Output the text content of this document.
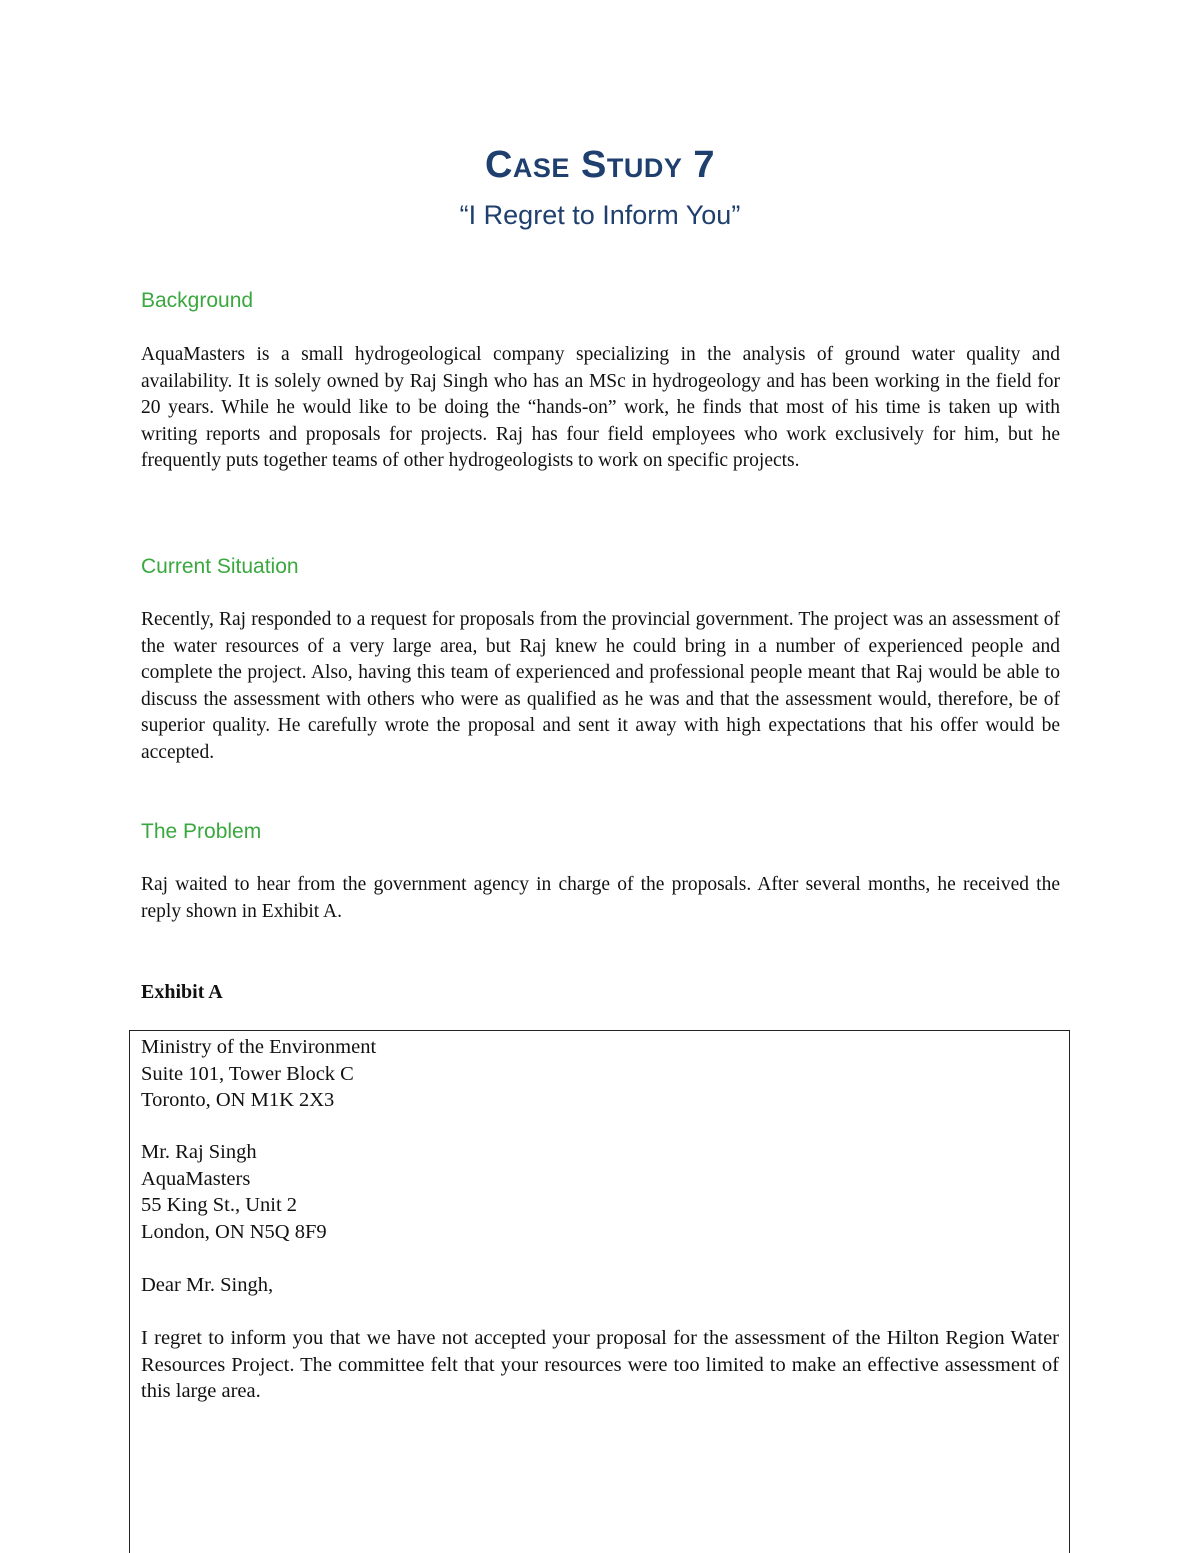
Case Study 7
“I Regret to Inform You”
Background
AquaMasters is a small hydrogeological company specializing in the analysis of ground water quality and availability. It is solely owned by Raj Singh who has an MSc in hydrogeology and has been working in the field for 20 years. While he would like to be doing the “hands-on” work, he finds that most of his time is taken up with writing reports and proposals for projects. Raj has four field employees who work exclusively for him, but he frequently puts together teams of other hydrogeologists to work on specific projects.
Current Situation
Recently, Raj responded to a request for proposals from the provincial government. The project was an assessment of the water resources of a very large area, but Raj knew he could bring in a number of experienced people and complete the project. Also, having this team of experienced and professional people meant that Raj would be able to discuss the assessment with others who were as qualified as he was and that the assessment would, therefore, be of superior quality. He carefully wrote the proposal and sent it away with high expectations that his offer would be accepted.
The Problem
Raj waited to hear from the government agency in charge of the proposals. After several months, he received the reply shown in Exhibit A.
Exhibit A
Ministry of the Environment
Suite 101, Tower Block C
Toronto, ON M1K 2X3
Mr. Raj Singh
AquaMasters
55 King St., Unit 2
London, ON N5Q 8F9
Dear Mr. Singh,
I regret to inform you that we have not accepted your proposal for the assessment of the Hilton Region Water Resources Project. The committee felt that your resources were too limited to make an effective assessment of this large area.
